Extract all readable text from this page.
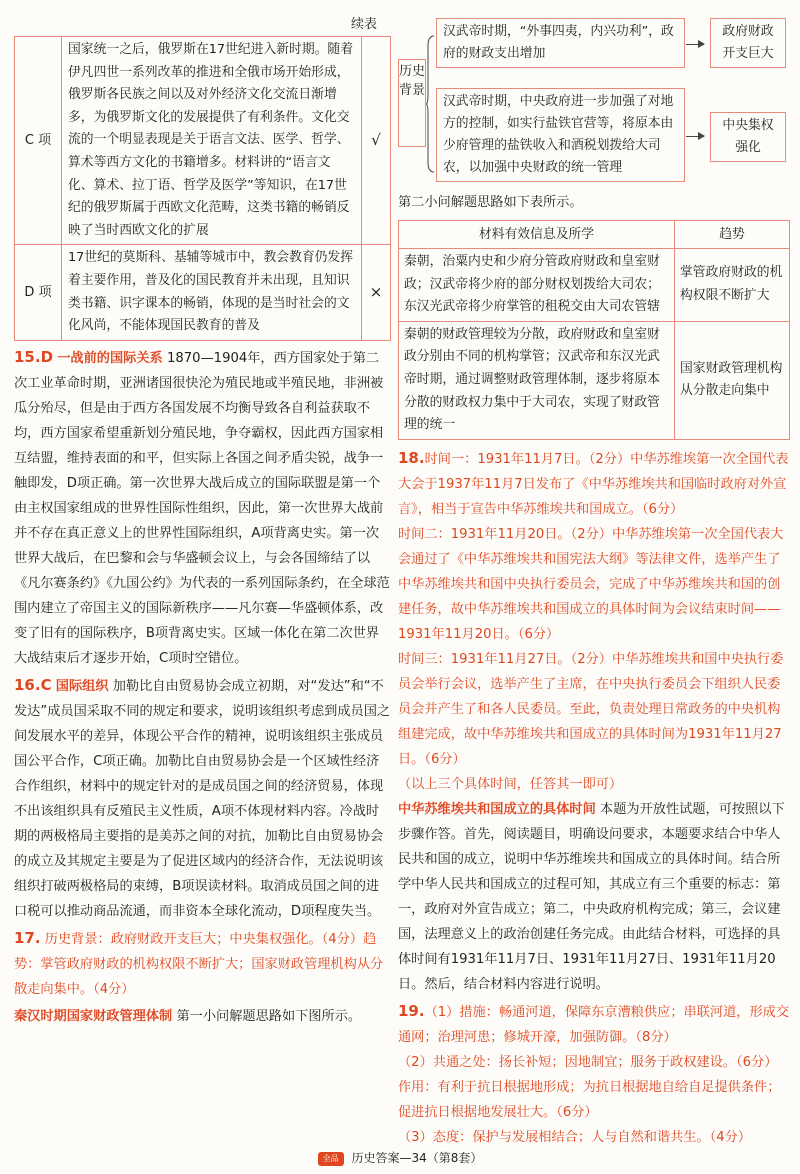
续表
C 项	国家统一之后，俄罗斯在17世纪进入新时期。随着伊凡四世一系列改革的推进和全俄市场开始形成，俄罗斯各民族之间以及对外经济文化交流日渐增多，为俄罗斯文化的发展提供了有利条件。文化交流的一个明显表现是关于语言文法、医学、哲学、算术等西方文化的书籍增多。材料讲的“语言文化、算术、拉丁语、哲学及医学”等知识，在17世纪的俄罗斯属于西欧文化范畴，这类书籍的畅销反映了当时西欧文化的扩展	√
D 项	17世纪的莫斯科、基辅等城市中，教会教育仍发挥着主要作用，普及化的国民教育并未出现，且知识类书籍、识字课本的畅销，体现的是当时社会的文化风尚，不能体现国民教育的普及	×

15.D 一战前的国际关系 1870—1904年，西方国家处于第二次工业革命时期，亚洲诸国很快沦为殖民地或半殖民地，非洲被瓜分殆尽，但是由于西方各国发展不均衡导致各自利益获取不均，西方国家希望重新划分殖民地，争夺霸权，因此西方国家相互结盟，维持表面的和平，但实际上各国之间矛盾尖锐，战争一触即发，D项正确。第一次世界大战后成立的国际联盟是第一个由主权国家组成的世界性国际性组织，因此，第一次世界大战前并不存在真正意义上的世界性国际组织，A项背离史实。第一次世界大战后，在巴黎和会与华盛顿会议上，与会各国缔结了以《凡尔赛条约》《九国公约》为代表的一系列国际条约，在全球范围内建立了帝国主义的国际新秩序——凡尔赛—华盛顿体系，改变了旧有的国际秩序，B项背离史实。区域一体化在第二次世界大战结束后才逐步开始，C项时空错位。

16.C 国际组织 加勒比自由贸易协会成立初期，对“发达”和“不发达”成员国采取不同的规定和要求，说明该组织考虑到成员国之间发展水平的差异，体现公平合作的精神，说明该组织主张成员国公平合作，C项正确。加勒比自由贸易协会是一个区域性经济合作组织，材料中的规定针对的是成员国之间的经济贸易，体现不出该组织具有反殖民主义性质，A项不体现材料内容。冷战时期的两极格局主要指的是美苏之间的对抗，加勒比自由贸易协会的成立及其规定主要是为了促进区域内的经济合作，无法说明该组织打破两极格局的束缚，B项误读材料。取消成员国之间的进口税可以推动商品流通，而非资本全球化流动，D项程度失当。

17. 历史背景：政府财政开支巨大；中央集权强化。（4分）趋势：掌管政府财政的机构权限不断扩大；国家财政管理机构从分散走向集中。（4分）

秦汉时期国家财政管理体制 第一小问解题思路如下图所示。

历史背景
汉武帝时期，“外事四夷，内兴功利”，政府的财政支出增加
政府财政开支巨大
汉武帝时期，中央政府进一步加强了对地方的控制，如实行盐铁官营等，将原本由少府管理的盐铁收入和酒税划拨给大司农，以加强中央财政的统一管理
中央集权强化
第二小问解题思路如下表所示。
材料有效信息及所学	趋势
秦朝，治粟内史和少府分管政府财政和皇室财政；汉武帝将少府的部分财权划拨给大司农；东汉光武帝将少府掌管的租税交由大司农管辖	掌管政府财政的机构权限不断扩大
秦朝的财政管理较为分散，政府财政和皇室财政分别由不同的机构掌管；汉武帝和东汉光武帝时期，通过调整财政管理体制，逐步将原本分散的财政权力集中于大司农，实现了财政管理的统一	国家财政管理机构从分散走向集中

18.时间一：1931年11月7日。（2分）中华苏维埃第一次全国代表大会于1937年11月7日发布了《中华苏维埃共和国临时政府对外宣言》，相当于宣告中华苏维埃共和国成立。（6分）

时间二：1931年11月20日。（2分）中华苏维埃第一次全国代表大会通过了《中华苏维埃共和国宪法大纲》等法律文件，选举产生了中华苏维埃共和国中央执行委员会，完成了中华苏维埃共和国的创建任务，故中华苏维埃共和国成立的具体时间为会议结束时间——1931年11月20日。（6分）

时间三：1931年11月27日。（2分）中华苏维埃共和国中央执行委员会举行会议，选举产生了主席，在中央执行委员会下组织人民委员会并产生了和各人民委员。至此，负责处理日常政务的中央机构组建完成，故中华苏维埃共和国成立的具体时间为1931年11月27日。（6分）

（以上三个具体时间，任答其一即可）

中华苏维埃共和国成立的具体时间 本题为开放性试题，可按照以下步骤作答。首先，阅读题目，明确设问要求，本题要求结合中华人民共和国的成立，说明中华苏维埃共和国成立的具体时间。结合所学中华人民共和国成立的过程可知，其成立有三个重要的标志：第一，政府对外宣告成立；第二，中央政府机构完成；第三，会议建国，法理意义上的政治创建任务完成。由此结合材料，可选择的具体时间有1931年11月7日、1931年11月27日、1931年11月20日。然后，结合材料内容进行说明。

19.（1）措施：畅通河道，保障东京漕粮供应；串联河道，形成交通网；治理河患；修城开濠，加强防御。（8分）

（2）共通之处：扬长补短；因地制宜；服务于政权建设。（6分）作用：有利于抗日根据地形成；为抗日根据地自给自足提供条件；促进抗日根据地发展壮大。（6分）

（3）态度：保护与发展相结合；人与自然和谐共生。（4分）

全品 历史答案—34（第8套）
